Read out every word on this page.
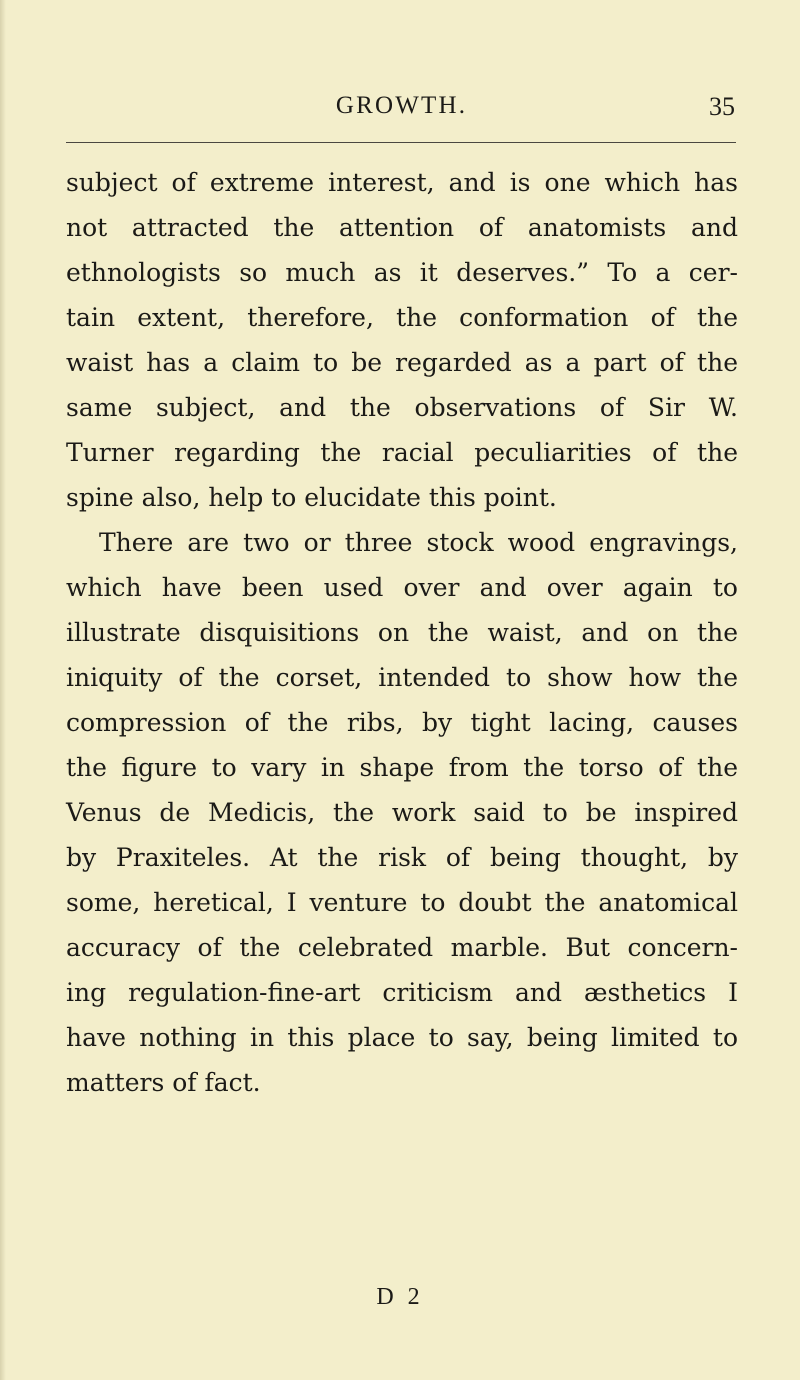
GROWTH.	35
subject of extreme interest, and is one which has
not attracted the attention of anatomists and
ethnologists so much as it deserves.” To a cer-
tain extent, therefore, the conformation of the
waist has a claim to be regarded as a part of the
same subject, and the observations of Sir W.
Turner regarding the racial peculiarities of the
spine also, help to elucidate this point.
There are two or three stock wood engravings,
which have been used over and over again to
illustrate disquisitions on the waist, and on the
iniquity of the corset, intended to show how the
compression of the ribs, by tight lacing, causes
the figure to vary in shape from the torso of the
Venus de Medicis, the work said to be inspired
by Praxiteles. At the risk of being thought, by
some, heretical, I venture to doubt the anatomical
accuracy of the celebrated marble. But concern-
ing regulation-fine-art criticism and æsthetics I
have nothing in this place to say, being limited to
matters of fact.
D 2
